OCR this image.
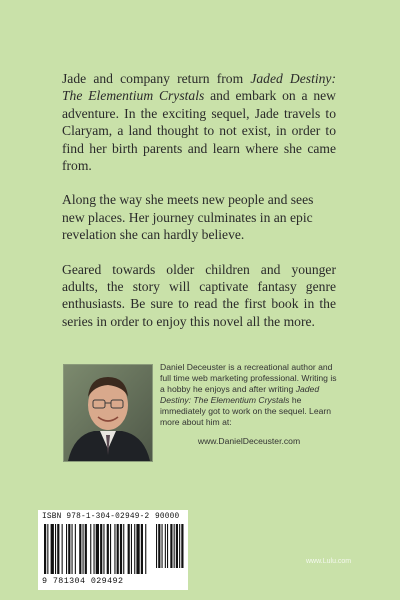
Jade and company return from Jaded Destiny: The Elementium Crystals and embark on a new adventure. In the exciting sequel, Jade travels to Claryam, a land thought to not exist, in order to find her birth parents and learn where she came from.

Along the way she meets new people and sees new places. Her journey culminates in an epic revelation she can hardly believe.

Geared towards older children and younger adults, the story will captivate fantasy genre enthusiasts. Be sure to read the first book in the series in order to enjoy this novel all the more.

Daniel Deceuster is a recreational author and full time web marketing professional. Writing is a hobby he enjoys and after writing Jaded Destiny: The Elementium Crystals he immediately got to work on the sequel. Learn more about him at:
www.DanielDeceuster.com
ISBN 978-1-304-02949-2 90000
9 781304 029492
www.Lulu.com
